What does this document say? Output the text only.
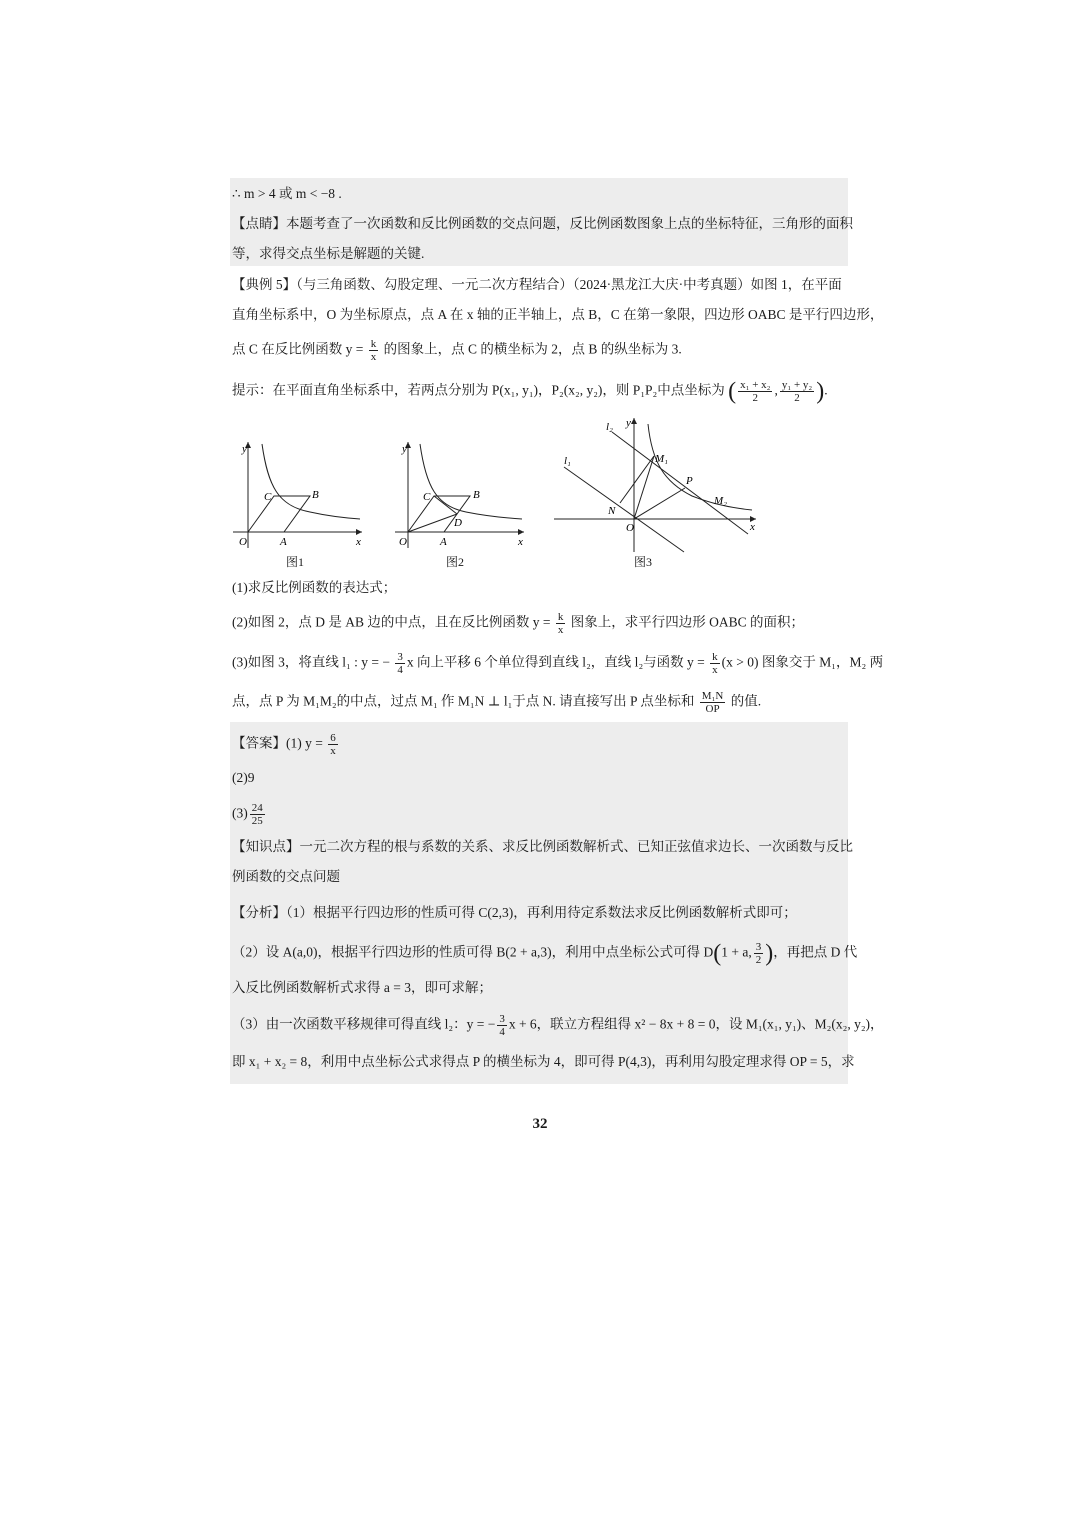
∴ m > 4 或 m < −8 .
【点睛】本题考查了一次函数和反比例函数的交点问题，反比例函数图象上点的坐标特征，三角形的面积
等，求得交点坐标是解题的关键.
【典例 5】（与三角函数、勾股定理、一元二次方程结合）（2024·黑龙江大庆·中考真题）如图 1，在平面
直角坐标系中，O 为坐标原点，点 A 在 x 轴的正半轴上，点 B，C 在第一象限，四边形 OABC 是平行四边形，
点 C 在反比例函数 $y = \frac{k}{x}$ 的图象上，点 C 的横坐标为 2，点 B 的纵坐标为 3.
提示：在平面直角坐标系中，若两点分别为 P(x₁, y₁)，P₂(x₂, y₂)，则 P₁P₂中点坐标为 ( $\frac{\text{x₁ + x₂}}{2}$ , $\frac{\text{y₁ + y₂}}{2}$ ).
y
x
O	A
C	B
图1
y
x
O	A
C	B
D
图2
y
x
O
N
P
M₁
M₂
l₁
l₂
图3
(1)求反比例函数的表达式；
(2)如图 2，点 D 是 AB 边的中点，且在反比例函数 $y = \frac{k}{x}$ 图象上，求平行四边形 OABC 的面积；
(3)如图 3，将直线 l₁ : y = − $\frac{3}{4}$ x 向上平移 6 个单位得到直线 l₂，直线 l₂与函数 $y = \frac{k}{x} (x > 0)$ 图象交于 M₁，M₂ 两
点，点 P 为 M₁M₂的中点，过点 M₁ 作 M₁N ⊥ l₁于点 N. 请直接写出 P 点坐标和 $\frac{\text{M₁N}}{OP}$ 的值.
【答案】(1) $y = \frac{6}{x}$
(2)9
$(3) \frac{24}{25}$
【知识点】一元二次方程的根与系数的关系、求反比例函数解析式、已知正弦值求边长、一次函数与反比
例函数的交点问题
【分析】（1）根据平行四边形的性质可得 C(2,3)，再利用待定系数法求反比例函数解析式即可；
（2）设 A(a,0)，根据平行四边形的性质可得 B(2 + a,3)，利用中点坐标公式可得 D(1 + a, $\frac{3}{2}$ )，再把点 D 代
入反比例函数解析式求得 a = 3，即可求解；
（3）由一次函数平移规律可得直线 l₂：y = − $\frac{3}{4}$ x + 6，联立方程组得 x² − 8x + 8 = 0，设 M₁(x₁, y₁)、M₂(x₂, y₂)，
即 x₁ + x₂ = 8，利用中点坐标公式求得点 P 的横坐标为 4，即可得 P(4,3)，再利用勾股定理求得 OP = 5，求
32
